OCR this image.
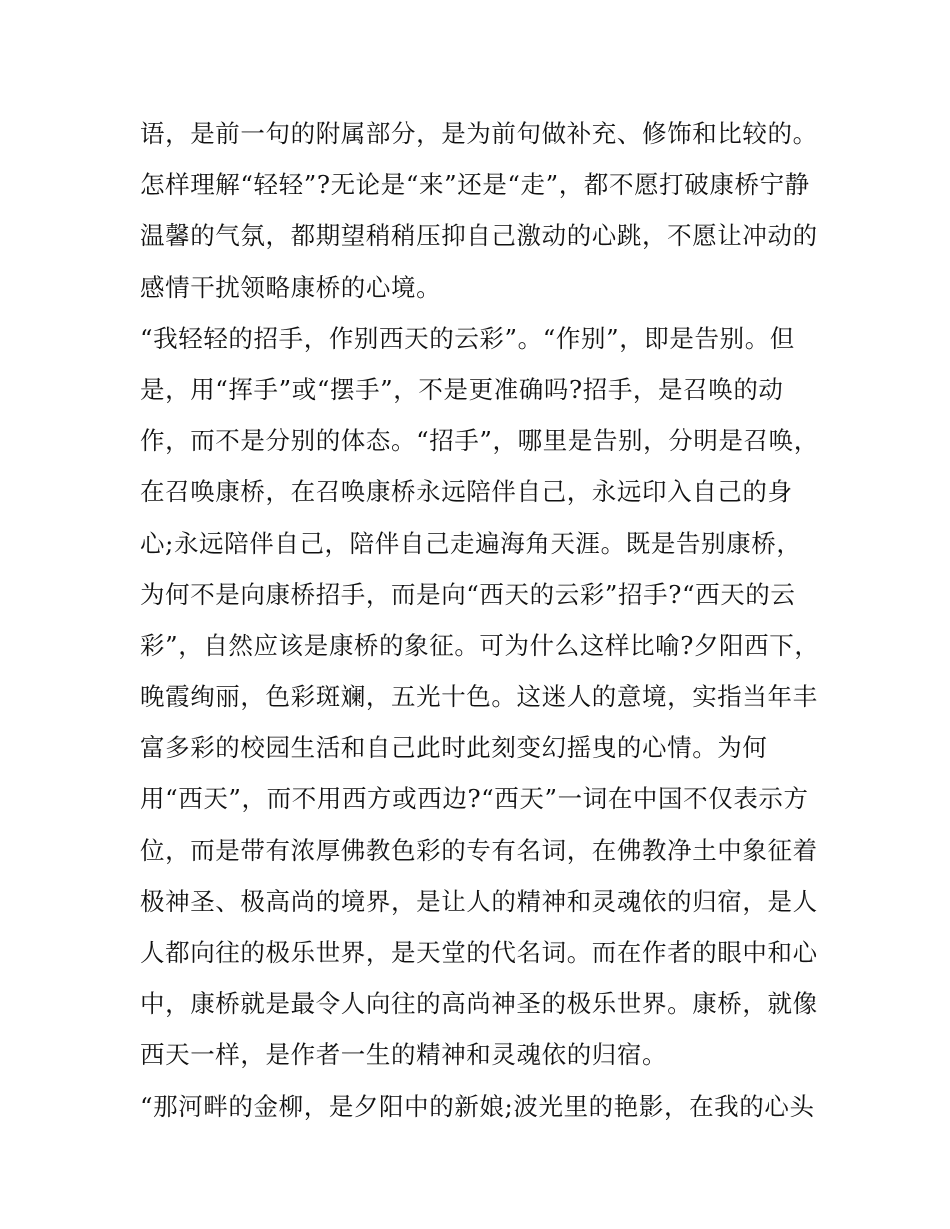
语，是前一句的附属部分，是为前句做补充、修饰和比较的。
怎样理解“轻轻”?无论是“来”还是“走”，都不愿打破康桥宁静
温馨的气氛，都期望稍稍压抑自己激动的心跳，不愿让冲动的
感情干扰领略康桥的心境。
“我轻轻的招手，作别西天的云彩”。“作别”，即是告别。但
是，用“挥手”或“摆手”，不是更准确吗?招手，是召唤的动
作，而不是分别的体态。“招手”，哪里是告别，分明是召唤，
在召唤康桥，在召唤康桥永远陪伴自己，永远印入自己的身
心;永远陪伴自己，陪伴自己走遍海角天涯。既是告别康桥，
为何不是向康桥招手，而是向“西天的云彩”招手?“西天的云
彩”，自然应该是康桥的象征。可为什么这样比喻?夕阳西下，
晚霞绚丽，色彩斑斓，五光十色。这迷人的意境，实指当年丰
富多彩的校园生活和自己此时此刻变幻摇曳的心情。为何
用“西天”，而不用西方或西边?“西天”一词在中国不仅表示方
位，而是带有浓厚佛教色彩的专有名词，在佛教净土中象征着
极神圣、极高尚的境界，是让人的精神和灵魂依的归宿，是人
人都向往的极乐世界，是天堂的代名词。而在作者的眼中和心
中，康桥就是最令人向往的高尚神圣的极乐世界。康桥，就像
西天一样，是作者一生的精神和灵魂依的归宿。
“那河畔的金柳，是夕阳中的新娘;波光里的艳影，在我的心头
